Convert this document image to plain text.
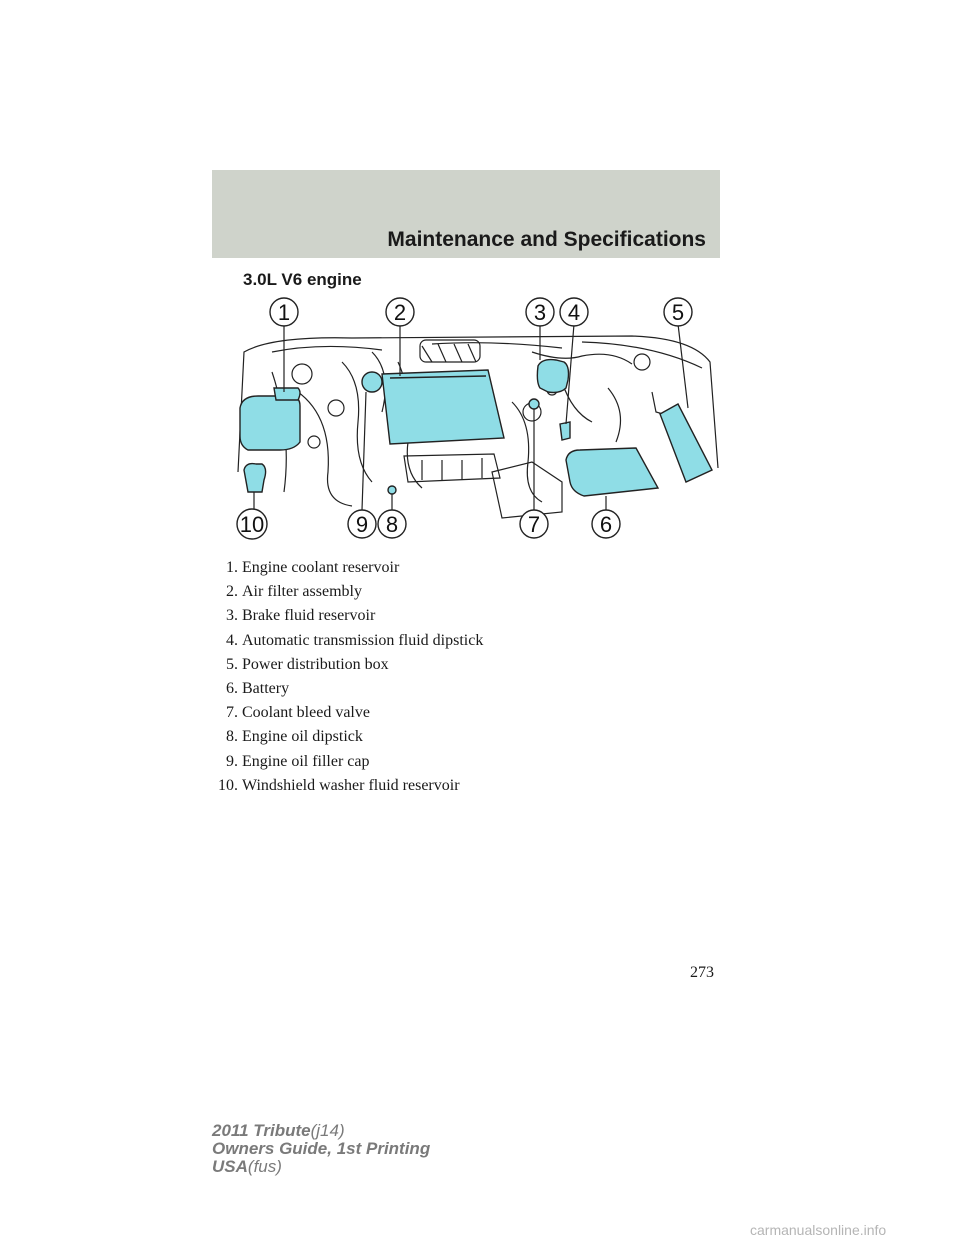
Maintenance and Specifications
3.0L V6 engine
1	2	3 4	5
10	9 8	7	6
1. Engine coolant reservoir
2. Air filter assembly
3. Brake fluid reservoir
4. Automatic transmission fluid dipstick
5. Power distribution box
6. Battery
7. Coolant bleed valve
8. Engine oil dipstick
9. Engine oil filler cap
10. Windshield washer fluid reservoir
273
2011 Tribute(j14)
Owners Guide, 1st Printing
USA(fus)
carmanualsonline.info
